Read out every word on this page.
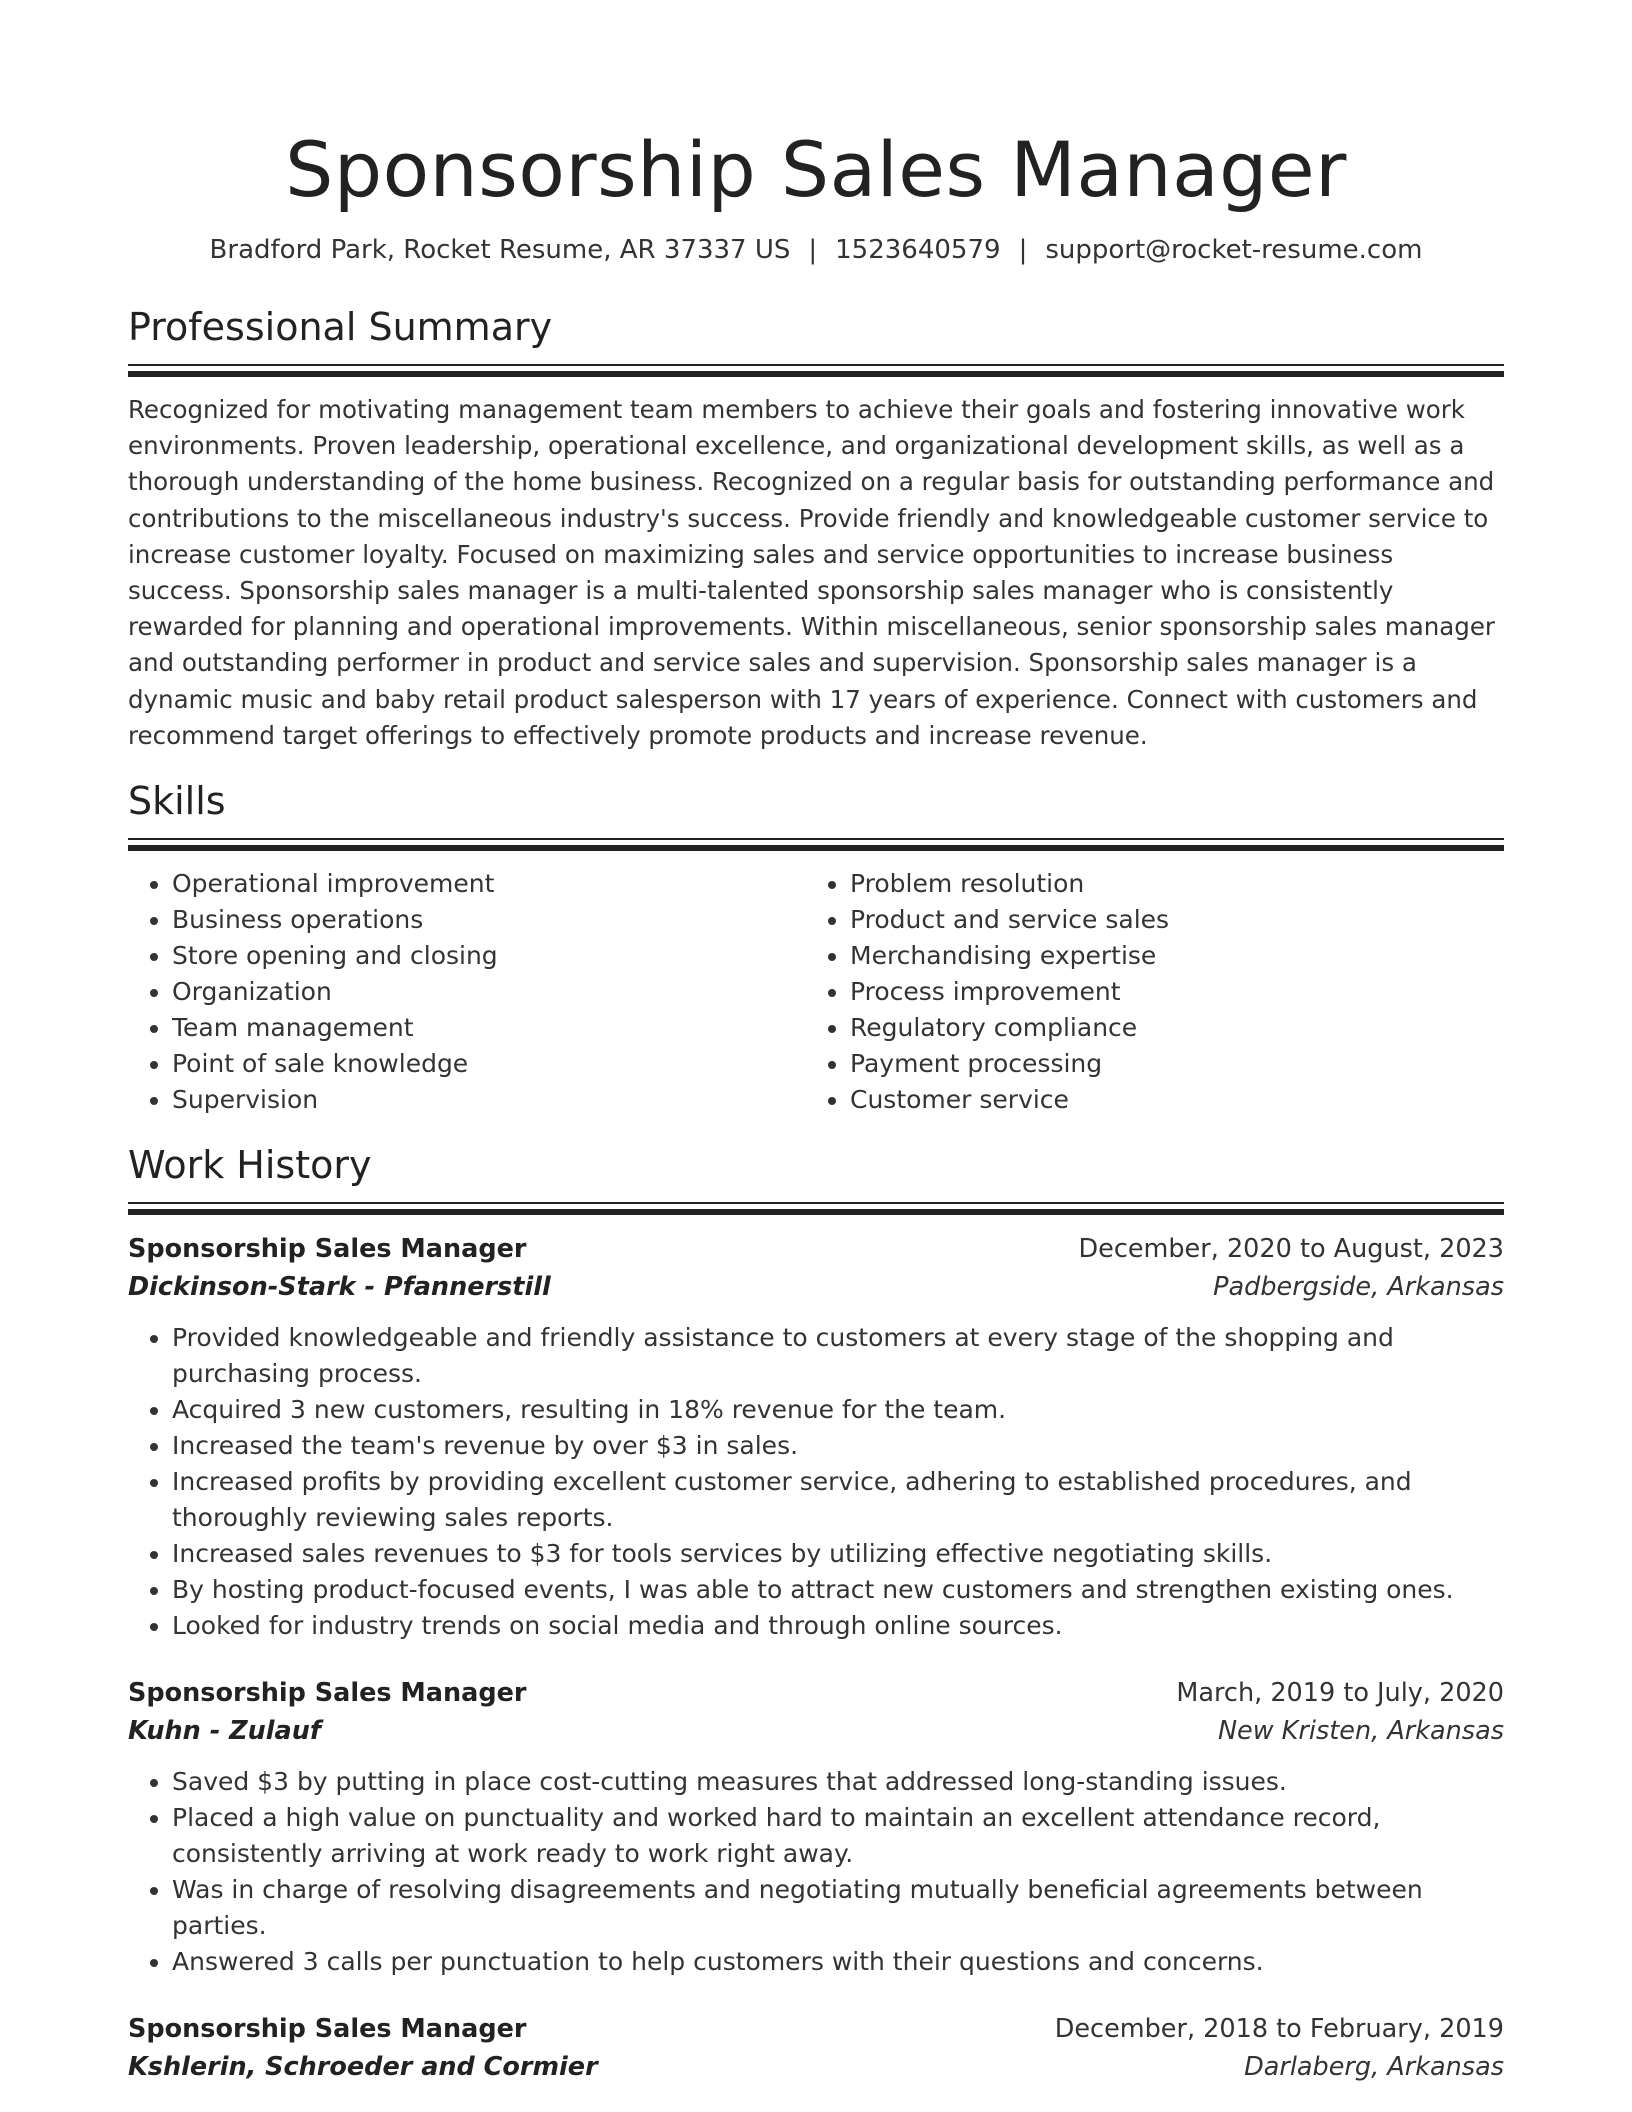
Sponsorship Sales Manager
Bradford Park, Rocket Resume, AR 37337 US | 1523640579 | support@rocket-resume.com
Professional Summary

Recognized for motivating management team members to achieve their goals and fostering innovative work environments. Proven leadership, operational excellence, and organizational development skills, as well as a thorough understanding of the home business. Recognized on a regular basis for outstanding performance and contributions to the miscellaneous industry's success. Provide friendly and knowledgeable customer service to increase customer loyalty. Focused on maximizing sales and service opportunities to increase business success. Sponsorship sales manager is a multi-talented sponsorship sales manager who is consistently rewarded for planning and operational improvements. Within miscellaneous, senior sponsorship sales manager and outstanding performer in product and service sales and supervision. Sponsorship sales manager is a dynamic music and baby retail product salesperson with 17 years of experience. Connect with customers and recommend target offerings to effectively promote products and increase revenue.

Skills
• Operational improvement
• Business operations
• Store opening and closing
• Organization
• Team management
• Point of sale knowledge
• Supervision
• Problem resolution
• Product and service sales
• Merchandising expertise
• Process improvement
• Regulatory compliance
• Payment processing
• Customer service
Work History
Sponsorship Sales Manager	December, 2020 to August, 2023
Dickinson-Stark - Pfannerstill	Padbergside, Arkansas
• Provided knowledgeable and friendly assistance to customers at every stage of the shopping and purchasing process.
• Acquired 3 new customers, resulting in 18% revenue for the team.
• Increased the team's revenue by over $3 in sales.
• Increased profits by providing excellent customer service, adhering to established procedures, and thoroughly reviewing sales reports.
• Increased sales revenues to $3 for tools services by utilizing effective negotiating skills.
• By hosting product-focused events, I was able to attract new customers and strengthen existing ones.
• Looked for industry trends on social media and through online sources.
Sponsorship Sales Manager	March, 2019 to July, 2020
Kuhn - Zulauf	New Kristen, Arkansas
• Saved $3 by putting in place cost-cutting measures that addressed long-standing issues.
• Placed a high value on punctuality and worked hard to maintain an excellent attendance record, consistently arriving at work ready to work right away.
• Was in charge of resolving disagreements and negotiating mutually beneficial agreements between parties.
• Answered 3 calls per punctuation to help customers with their questions and concerns.
Sponsorship Sales Manager	December, 2018 to February, 2019
Kshlerin, Schroeder and Cormier	Darlaberg, Arkansas
